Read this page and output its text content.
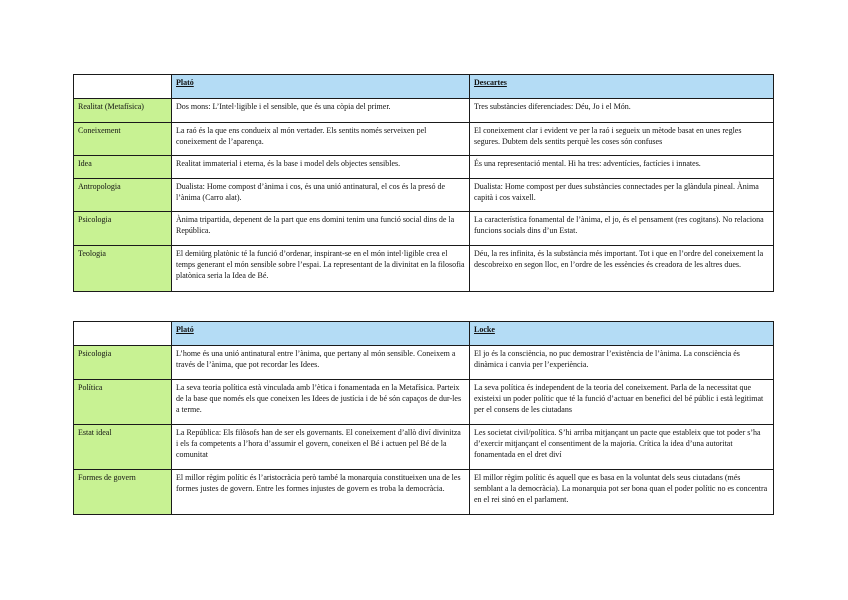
	Plató	Descartes
Realitat (Metafísica)	Dos mons: L’Intel·ligible i el sensible, que és una còpia del primer.	Tres substàncies diferenciades: Déu, Jo i el Món.
Coneixement	La raó és la que ens condueix al món vertader. Els sentits només serveixen pel coneixement de l’aparença.	El coneixement clar i evident ve per la raó i segueix un mètode basat en unes regles segures. Dubtem dels sentits perquè les coses són confuses
Idea	Realitat immaterial i eterna, és la base i model dels objectes sensibles.	És una representació mental. Hi ha tres: adventícies, factícies i innates.
Antropologia	Dualista: Home compost d’ànima i cos, és una unió antinatural, el cos és la presó de l’ànima (Carro alat).	Dualista: Home compost per dues substàncies connectades per la glàndula pineal. Ànima capità i cos vaixell.
Psicologia	Ànima tripartida, depenent de la part que ens domini tenim una funció social dins de la República.	La característica fonamental de l’ànima, el jo, és el pensament (res cogitans). No relaciona funcions socials dins d’un Estat.
Teologia	El demiürg platònic té la funció d’ordenar, inspirant-se en el món intel·ligible crea el temps generant el món sensible sobre l’espai. La representant de la divinitat en la filosofia platònica seria la Idea de Bé.	Déu, la res infinita, és la substància més important. Tot i que en l’ordre del coneixement la descobreixo en segon lloc, en l’ordre de les essències és creadora de les altres dues.
	Plató	Locke
Psicologia	L’home és una unió antinatural entre l’ànima, que pertany al món sensible. Coneixem a través de l’ànima, que pot recordar les Idees.	El jo és la consciència, no puc demostrar l’existència de l’ànima. La consciència és dinàmica i canvia per l’experiència.
Política	La seva teoria política està vinculada amb l’ètica i fonamentada en la Metafísica. Parteix de la base que només els que coneixen les Idees de justícia i de bé són capaços de dur-les a terme.	La seva política és independent de la teoria del coneixement. Parla de la necessitat que existeixi un poder polític que té la funció d’actuar en benefici del bé públic i està legitimat per el consens de les ciutadans
Estat ideal	La República: Els filòsofs han de ser els governants. El coneixement d’allò diví divinitza i els fa competents a l’hora d’assumir el govern, coneixen el Bé i actuen pel Bé de la comunitat	Les societat civil/política. S’hi arriba mitjançant un pacte que estableix que tot poder s’ha d’exercir mitjançant el consentiment de la majoria. Crítica la idea d’una autoritat fonamentada en el dret diví
Formes de govern	El millor règim polític és l’aristocràcia però també la monarquia constitueixen una de les formes justes de govern. Entre les formes injustes de govern es troba la democràcia.	El millor règim polític és aquell que es basa en la voluntat dels seus ciutadans (més semblant a la democràcia). La monarquia pot ser bona quan el poder polític no es concentra en el rei sinó en el parlament.
